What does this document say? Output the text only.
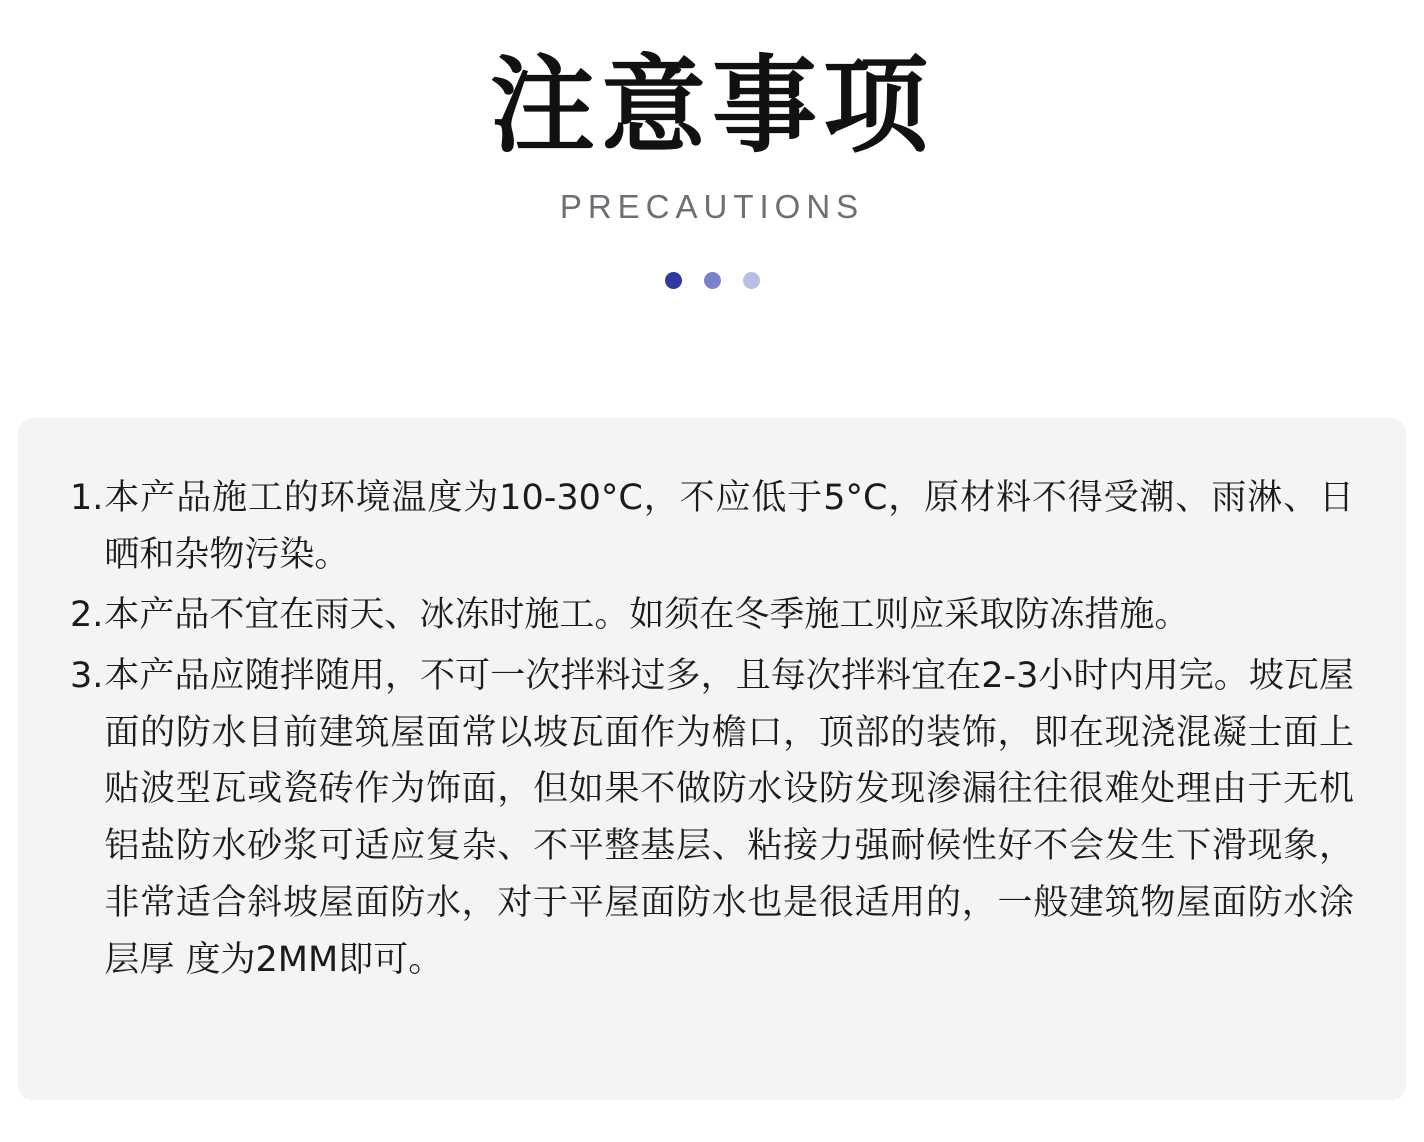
注意事项
PRECAUTIONS
1. 本产品施工的环境温度为10-30°C，不应低于5°C，原材料不得受潮、雨淋、日晒和杂物污染。
2. 本产品不宜在雨天、冰冻时施工。如须在冬季施工则应采取防冻措施。
3. 本产品应随拌随用，不可一次拌料过多，且每次拌料宜在2-3小时内用完。坡瓦屋面的防水目前建筑屋面常以坡瓦面作为檐口，顶部的装饰，即在现浇混凝士面上贴波型瓦或瓷砖作为饰面，但如果不做防水设防发现渗漏往往很难处理由于无机铝盐防水砂浆可适应复杂、不平整基层、粘接力强耐候性好不会发生下滑现象，非常适合斜坡屋面防水，对于平屋面防水也是很适用的，一般建筑物屋面防水涂层厚 度为2MM即可。
